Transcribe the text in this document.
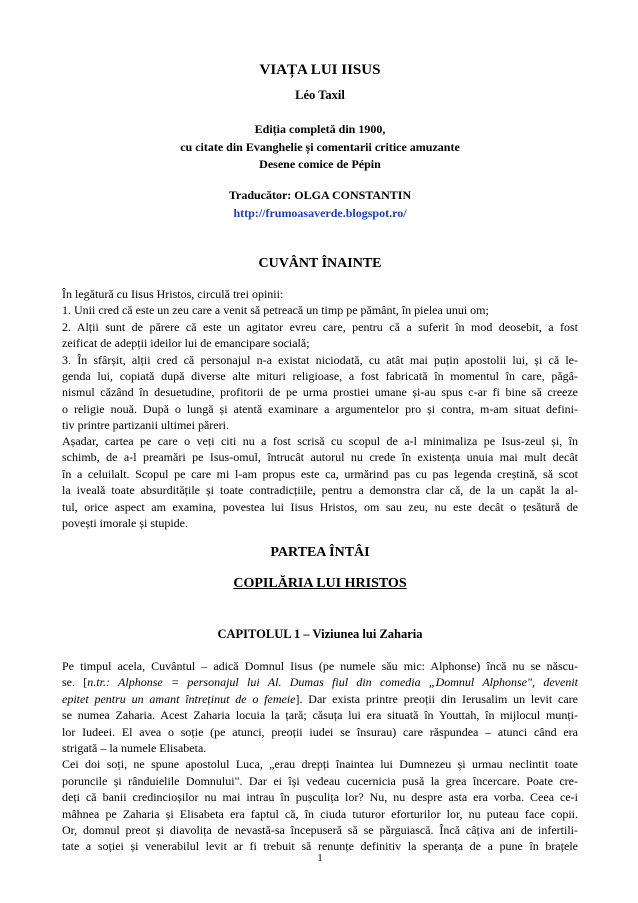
VIAȚA LUI IISUS
Léo Taxil
Ediția completă din 1900,
cu citate din Evanghelie și comentarii critice amuzante
Desene comice de Pépin
Traducător: OLGA CONSTANTIN
http://frumoasaverde.blogspot.ro/
CUVÂNT ÎNAINTE
În legătură cu Iisus Hristos, circulă trei opinii:
1. Unii cred că este un zeu care a venit să petreacă un timp pe pământ, în pielea unui om;
2. Alții sunt de părere că este un agitator evreu care, pentru că a suferit în mod deosebit, a fost
zeificat de adepții ideilor lui de emancipare socială;
3. În sfârșit, alții cred că personajul n-a existat niciodată, cu atât mai puțin apostolii lui, și că le-
genda lui, copiată după diverse alte mituri religioase, a fost fabricată în momentul în care, păgâ-
nismul căzând în desuetudine, profitorii de pe urma prostiei umane și-au spus c-ar fi bine să creeze
o religie nouă. După o lungă și atentă examinare a argumentelor pro și contra, m-am situat defini-
tiv printre partizanii ultimei păreri.
Așadar, cartea pe care o veți citi nu a fost scrisă cu scopul de a-l minimaliza pe Isus-zeul și, în
schimb, de a-l preamări pe Isus-omul, întrucât autorul nu crede în existența unuia mai mult decât
în a celuilalt. Scopul pe care mi l-am propus este ca, urmărind pas cu pas legenda creștină, să scot
la iveală toate absurditățile și toate contradicțiile, pentru a demonstra clar că, de la un capăt la al-
tul, orice aspect am examina, povestea lui Iisus Hristos, om sau zeu, nu este decât o țesătură de
povești imorale și stupide.
PARTEA ÎNTÂI
COPILĂRIA LUI HRISTOS
CAPITOLUL 1 – Viziunea lui Zaharia
Pe timpul acela, Cuvântul – adică Domnul Iisus (pe numele său mic: Alphonse) încă nu se născu-
se. [n.tr.: Alphonse = personajul lui Al. Dumas fiul din comedia „Domnul Alphonse", devenit
epitet pentru un amant întreținut de o femeie]. Dar exista printre preoții din Ierusalim un levit care
se numea Zaharia. Acest Zaharia locuia la țară; căsuța lui era situată în Youttah, în mijlocul munți-
lor Iudeei. El avea o soție (pe atunci, preoții iudei se însurau) care răspundea – atunci când era
strigată – la numele Elisabeta.
Cei doi soți, ne spune apostolul Luca, „erau drepți înaintea lui Dumnezeu și urmau neclintit toate
poruncile și rânduielile Domnului". Dar ei își vedeau cucernicia pusă la grea încercare. Poate cre-
deți că banii credincioșilor nu mai intrau în pușculița lor? Nu, nu despre asta era vorba. Ceea ce-i
mâhnea pe Zaharia și Elisabeta era faptul că, în ciuda tuturor eforturilor lor, nu puteau face copii.
Or, domnul preot și diavolița de nevastă-sa începuseră să se părguiască. Încă câțiva ani de infertili-
tate a soției și venerabilul levit ar fi trebuit să renunțe definitiv la speranța de a pune în brațele
1
